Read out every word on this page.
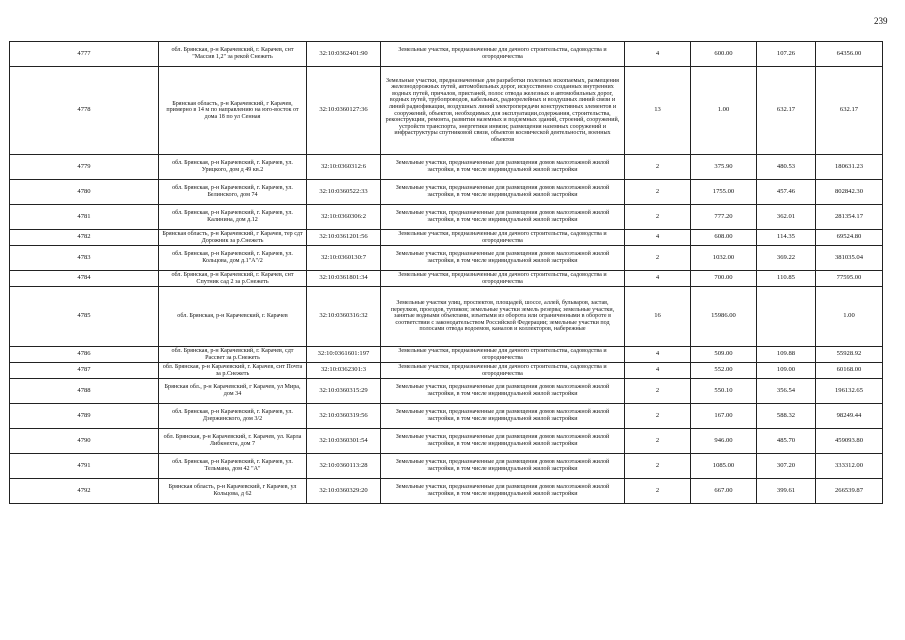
239
4777	обл. Брянская, р-н Карачевский, г. Карачев, снт "Массив 1,2" за рекой Снежеть	32:10:0362401:90	Земельные участки, предназначенные для дачного строительства, садоводства и огородничества	4	600.00	107.26	64356.00
4778	Брянская область, р-н Карачевский, г Карачев, примерно в 14 м по направлению на юго-восток от дома 18 по ул Сенная	32:10:0360127:36	Земельные участки, предназначенные для разработки полезных ископаемых, размещения железнодорожных путей, автомобильных дорог, искусственно созданных внутренних водных путей, причалов, пристаней, полос отвода железных и автомобильных дорог, водных путей, трубопроводов, кабельных, радиорелейных и воздушных линий связи и линий радиофикации, воздушных линий электропередачи конструктивных элементов и сооружений, объектов, необходимых для эксплуатации,содержания, строительства, реконструкции, ремонта, развития наземных и подземных зданий, строений, сооружений, устройств транспорта, энергетики инвязи; размещения наземных сооружений и инфраструктуры спутниковой связи, объектов космической деятельности, военных объектов	13	1.00	632.17	632.17
4779	обл. Брянская, р-н Карачевский, г. Карачев, ул. Урицкого, дом д 49 кв.2	32:10:0360312:6	Земельные участки, предназначенные для размещения домов малоэтажной жилой застройки, в том числе индивидуальной жилой застройки	2	375.90	480.53	180631.23
4780	обл. Брянская, р-н Карачевский, г. Карачев, ул. Белинского, дом 74	32:10:0360522:33	Земельные участки, предназначенные для размещения домов малоэтажной жилой застройки, в том числе индивидуальной жилой застройки	2	1755.00	457.46	802842.30
4781	обл. Брянская, р-н Карачевский, г. Карачев, ул. Калинина, дом д.12	32:10:0360306:2	Земельные участки, предназначенные для размещения домов малоэтажной жилой застройки, в том числе индивидуальной жилой застройки	2	777.20	362.01	281354.17
4782	Брянская область, р-н Карачевский, г Карачев, тер сдт Дорожник за р.Снежеть	32:10:0361201:56	Земельные участки, предназначенные для дачного строительства, садоводства и огородничества	4	608.00	114.35	69524.80
4783	обл. Брянская, р-н Карачевский, г. Карачев, ул. Кольцова, дом д.1"А"/2	32:10:0360130:7	Земельные участки, предназначенные для размещения домов малоэтажной жилой застройки, в том числе индивидуальной жилой застройки	2	1032.00	369.22	381035.04
4784	обл. Брянская, р-н Карачевский, г. Карачев, снт Спутник сад 2 за р.Снежеть	32:10:0361801:34	Земельные участки, предназначенные для дачного строительства, садоводства и огородничества	4	700.00	110.85	77595.00
4785	обл. Брянская, р-н Карачевский, г. Карачев	32:10:0360316:32	Земельные участки улиц, проспектов, площадей, шоссе, аллей, бульваров, застав, переулков, проездов, тупиков; земельные участки земель резерва; земельные участки, занятые водными объектами, изъятыми из оборота или ограниченными в обороте в соответствии с законодательством Российской Федерации; земельные участки под полосами отвода водоемов, каналов и коллекторов, набережные	16	15986.00		1.00
4786	обл. Брянская, р-н Карачевский, г. Карачев, сдт Рассвет за р.Снежеть	32:10:0361601:197	Земельные участки, предназначенные для дачного строительства, садоводства и огородничества	4	509.00	109.88	55928.92
4787	обл. Брянская, р-н Карачевский, г. Карачев, снт Почта за р.Снежеть	32:10:0362301:3	Земельные участки, предназначенные для дачного строительства, садоводства и огородничества	4	552.00	109.00	60168.00
4788	Брянская обл., р-н Карачевский, г Карачев, ул Мира, дом 34	32:10:0360315:29	Земельные участки, предназначенные для размещения домов малоэтажной жилой застройки, в том числе индивидуальной жилой застройки	2	550.10	356.54	196132.65
4789	обл. Брянская, р-н Карачевский, г. Карачев, ул. Дзержинского, дом 3/2	32:10:0360319:56	Земельные участки, предназначенные для размещения домов малоэтажной жилой застройки, в том числе индивидуальной жилой застройки	2	167.00	588.32	98249.44
4790	обл. Брянская, р-н Карачевский, г. Карачев, ул. Карла Либкнехта, дом 7	32:10:0360301:54	Земельные участки, предназначенные для размещения домов малоэтажной жилой застройки, в том числе индивидуальной жилой застройки	2	946.00	485.70	459093.80
4791	обл. Брянская, р-н Карачевский, г. Карачев, ул. Тельмана, дом 42 "А"	32:10:0360113:28	Земельные участки, предназначенные для размещения домов малоэтажной жилой застройки, в том числе индивидуальной жилой застройки	2	1085.00	307.20	333312.00
4792	Брянская область, р-н Карачевский, г Карачев, ул Кольцова, д 62	32:10:0360329:20	Земельные участки, предназначенные для размещения домов малоэтажной жилой застройки, в том числе индивидуальной жилой застройки	2	667.00	399.61	266539.87
